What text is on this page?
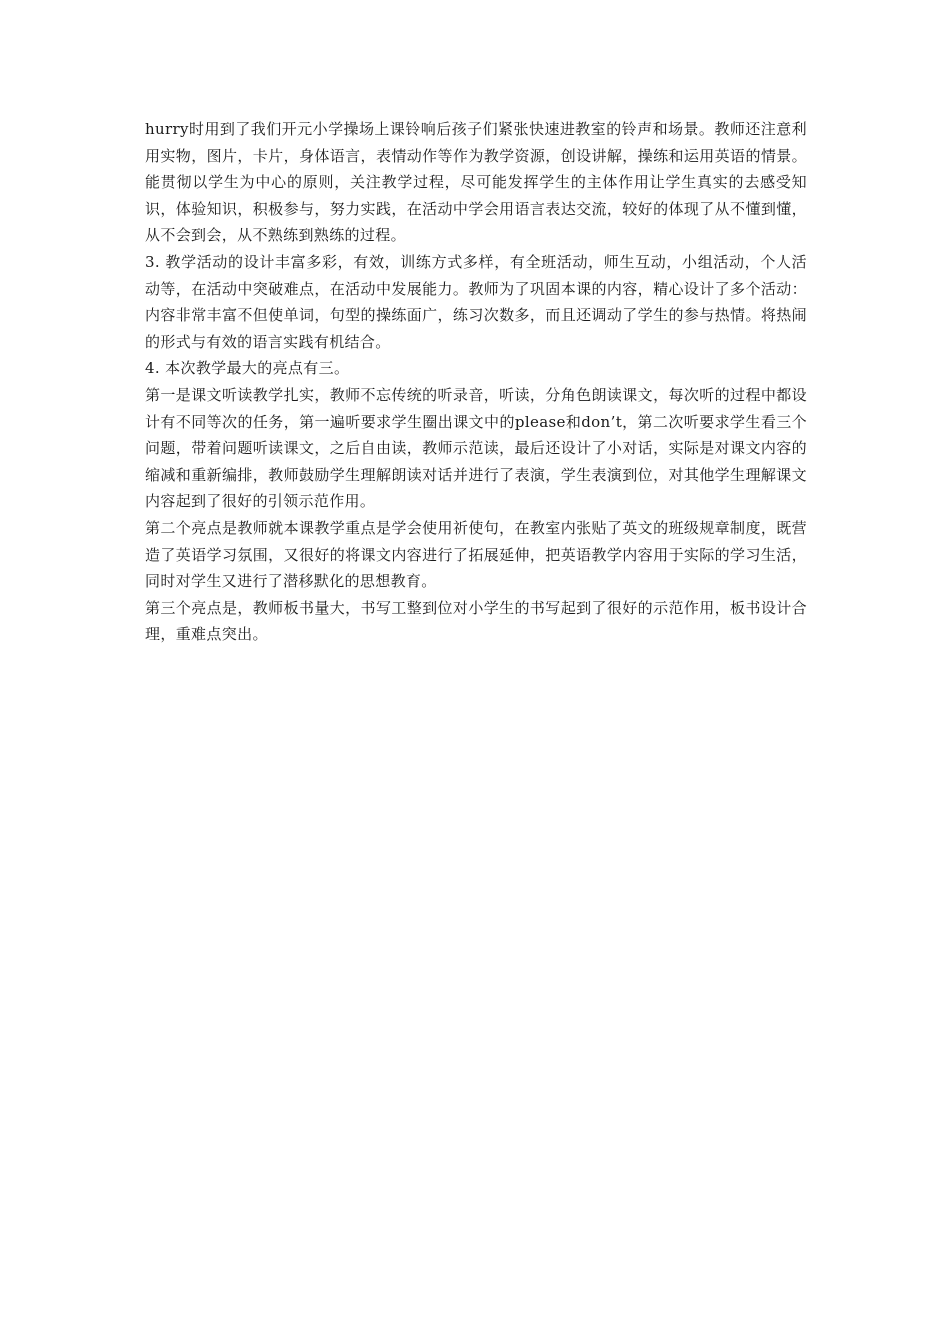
hurry时用到了我们开元小学操场上课铃响后孩子们紧张快速进教室的铃声和场景。教师还注意利用实物，图片，卡片，身体语言，表情动作等作为教学资源，创设讲解，操练和运用英语的情景。能贯彻以学生为中心的原则，关注教学过程，尽可能发挥学生的主体作用让学生真实的去感受知识，体验知识，积极参与，努力实践，在活动中学会用语言表达交流，较好的体现了从不懂到懂，从不会到会，从不熟练到熟练的过程。

3. 教学活动的设计丰富多彩，有效，训练方式多样，有全班活动，师生互动，小组活动，个人活动等，在活动中突破难点，在活动中发展能力。教师为了巩固本课的内容，精心设计了多个活动：内容非常丰富不但使单词，句型的操练面广，练习次数多，而且还调动了学生的参与热情。将热闹的形式与有效的语言实践有机结合。

4. 本次教学最大的亮点有三。

第一是课文听读教学扎实，教师不忘传统的听录音，听读，分角色朗读课文，每次听的过程中都设计有不同等次的任务，第一遍听要求学生圈出课文中的please和don’t，第二次听要求学生看三个问题，带着问题听读课文，之后自由读，教师示范读，最后还设计了小对话，实际是对课文内容的缩减和重新编排，教师鼓励学生理解朗读对话并进行了表演，学生表演到位，对其他学生理解课文内容起到了很好的引领示范作用。

第二个亮点是教师就本课教学重点是学会使用祈使句，在教室内张贴了英文的班级规章制度，既营造了英语学习氛围，又很好的将课文内容进行了拓展延伸，把英语教学内容用于实际的学习生活，同时对学生又进行了潜移默化的思想教育。

第三个亮点是，教师板书量大，书写工整到位对小学生的书写起到了很好的示范作用，板书设计合理，重难点突出。
